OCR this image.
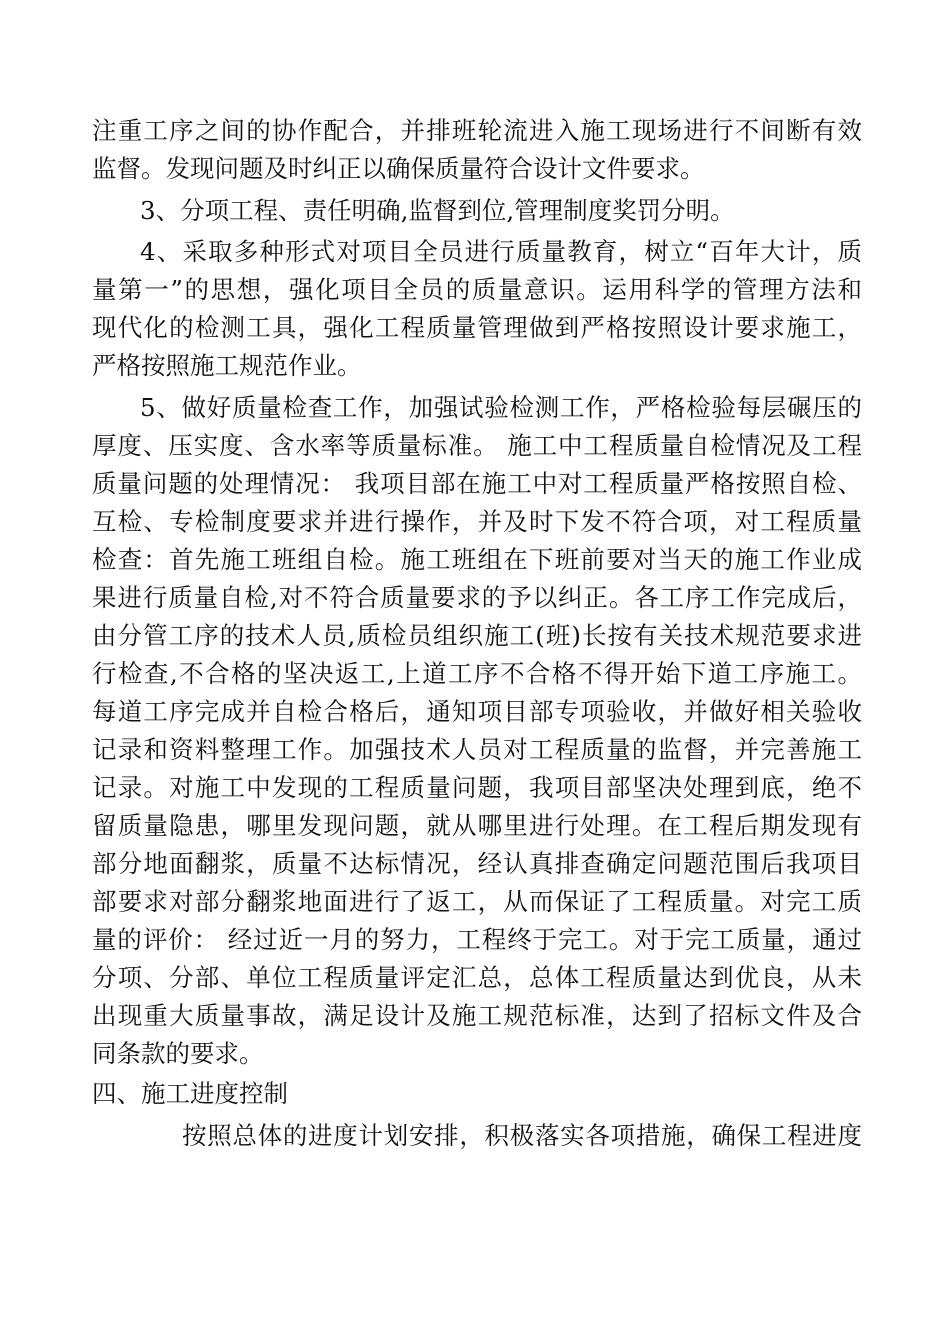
注重工序之间的协作配合，并排班轮流进入施工现场进行不间断有效
监督。发现问题及时纠正以确保质量符合设计文件要求。
3、分项工程、责任明确,监督到位,管理制度奖罚分明。
4、采取多种形式对项目全员进行质量教育，树立“百年大计，质
量第一”的思想，强化项目全员的质量意识。运用科学的管理方法和
现代化的检测工具，强化工程质量管理做到严格按照设计要求施工，
严格按照施工规范作业。
5、做好质量检查工作，加强试验检测工作，严格检验每层碾压的
厚度、压实度、含水率等质量标准。 施工中工程质量自检情况及工程
质量问题的处理情况： 我项目部在施工中对工程质量严格按照自检、
互检、专检制度要求并进行操作，并及时下发不符合项，对工程质量
检查：首先施工班组自检。施工班组在下班前要对当天的施工作业成
果进行质量自检,对不符合质量要求的予以纠正。各工序工作完成后，
由分管工序的技术人员,质检员组织施工(班)长按有关技术规范要求进
行检查,不合格的坚决返工,上道工序不合格不得开始下道工序施工。
每道工序完成并自检合格后，通知项目部专项验收，并做好相关验收
记录和资料整理工作。加强技术人员对工程质量的监督，并完善施工
记录。对施工中发现的工程质量问题，我项目部坚决处理到底，绝不
留质量隐患，哪里发现问题，就从哪里进行处理。在工程后期发现有
部分地面翻浆，质量不达标情况，经认真排查确定问题范围后我项目
部要求对部分翻浆地面进行了返工，从而保证了工程质量。对完工质
量的评价： 经过近一月的努力，工程终于完工。对于完工质量，通过
分项、分部、单位工程质量评定汇总，总体工程质量达到优良，从未
出现重大质量事故，满足设计及施工规范标准，达到了招标文件及合
同条款的要求。
四、施工进度控制
按照总体的进度计划安排，积极落实各项措施，确保工程进度
